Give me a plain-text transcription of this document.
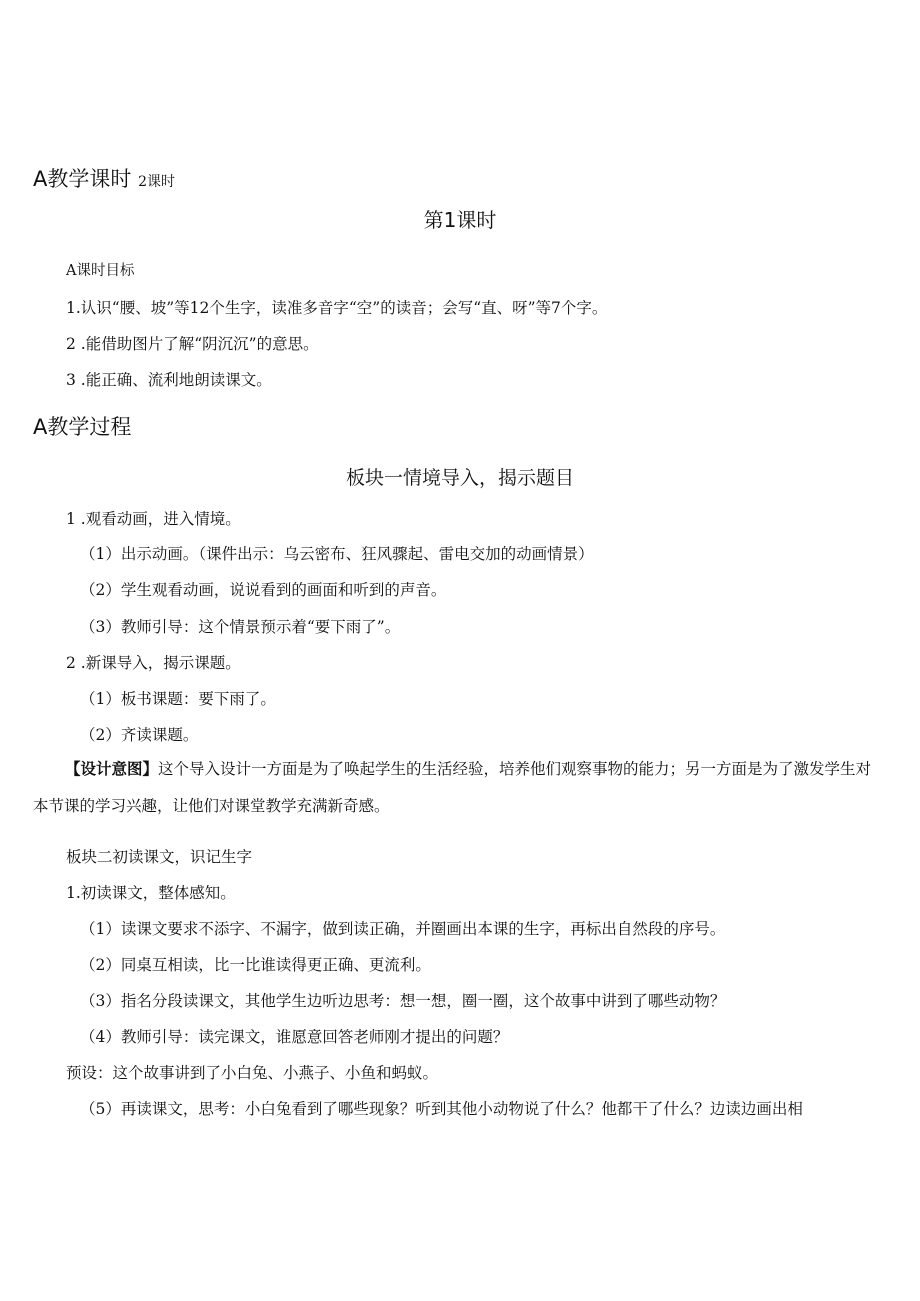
A教学课时 2课时
第1课时
A课时目标
1.认识“腰、坡”等12个生字，读准多音字“空”的读音；会写“直、呀”等7个字。
2 .能借助图片了解“阴沉沉”的意思。
3 .能正确、流利地朗读课文。
A教学过程
板块一情境导入，揭示题目
1 .观看动画，进入情境。
（1）出示动画。（课件出示：乌云密布、狂风骤起、雷电交加的动画情景）
（2）学生观看动画，说说看到的画面和听到的声音。
（3）教师引导：这个情景预示着“要下雨了”。
2 .新课导入，揭示课题。
（1）板书课题：要下雨了。
（2）齐读课题。
【设计意图】这个导入设计一方面是为了唤起学生的生活经验，培养他们观察事物的能力；另一方面是为了激发学生对本节课的学习兴趣，让他们对课堂教学充满新奇感。
板块二初读课文，识记生字
1.初读课文，整体感知。
（1）读课文要求不添字、不漏字，做到读正确，并圈画出本课的生字，再标出自然段的序号。
（2）同桌互相读，比一比谁读得更正确、更流利。
（3）指名分段读课文，其他学生边听边思考：想一想，圈一圈，这个故事中讲到了哪些动物？
（4）教师引导：读完课文，谁愿意回答老师刚才提出的问题？
预设：这个故事讲到了小白兔、小燕子、小鱼和蚂蚁。
（5）再读课文，思考：小白兔看到了哪些现象？听到其他小动物说了什么？他都干了什么？边读边画出相
